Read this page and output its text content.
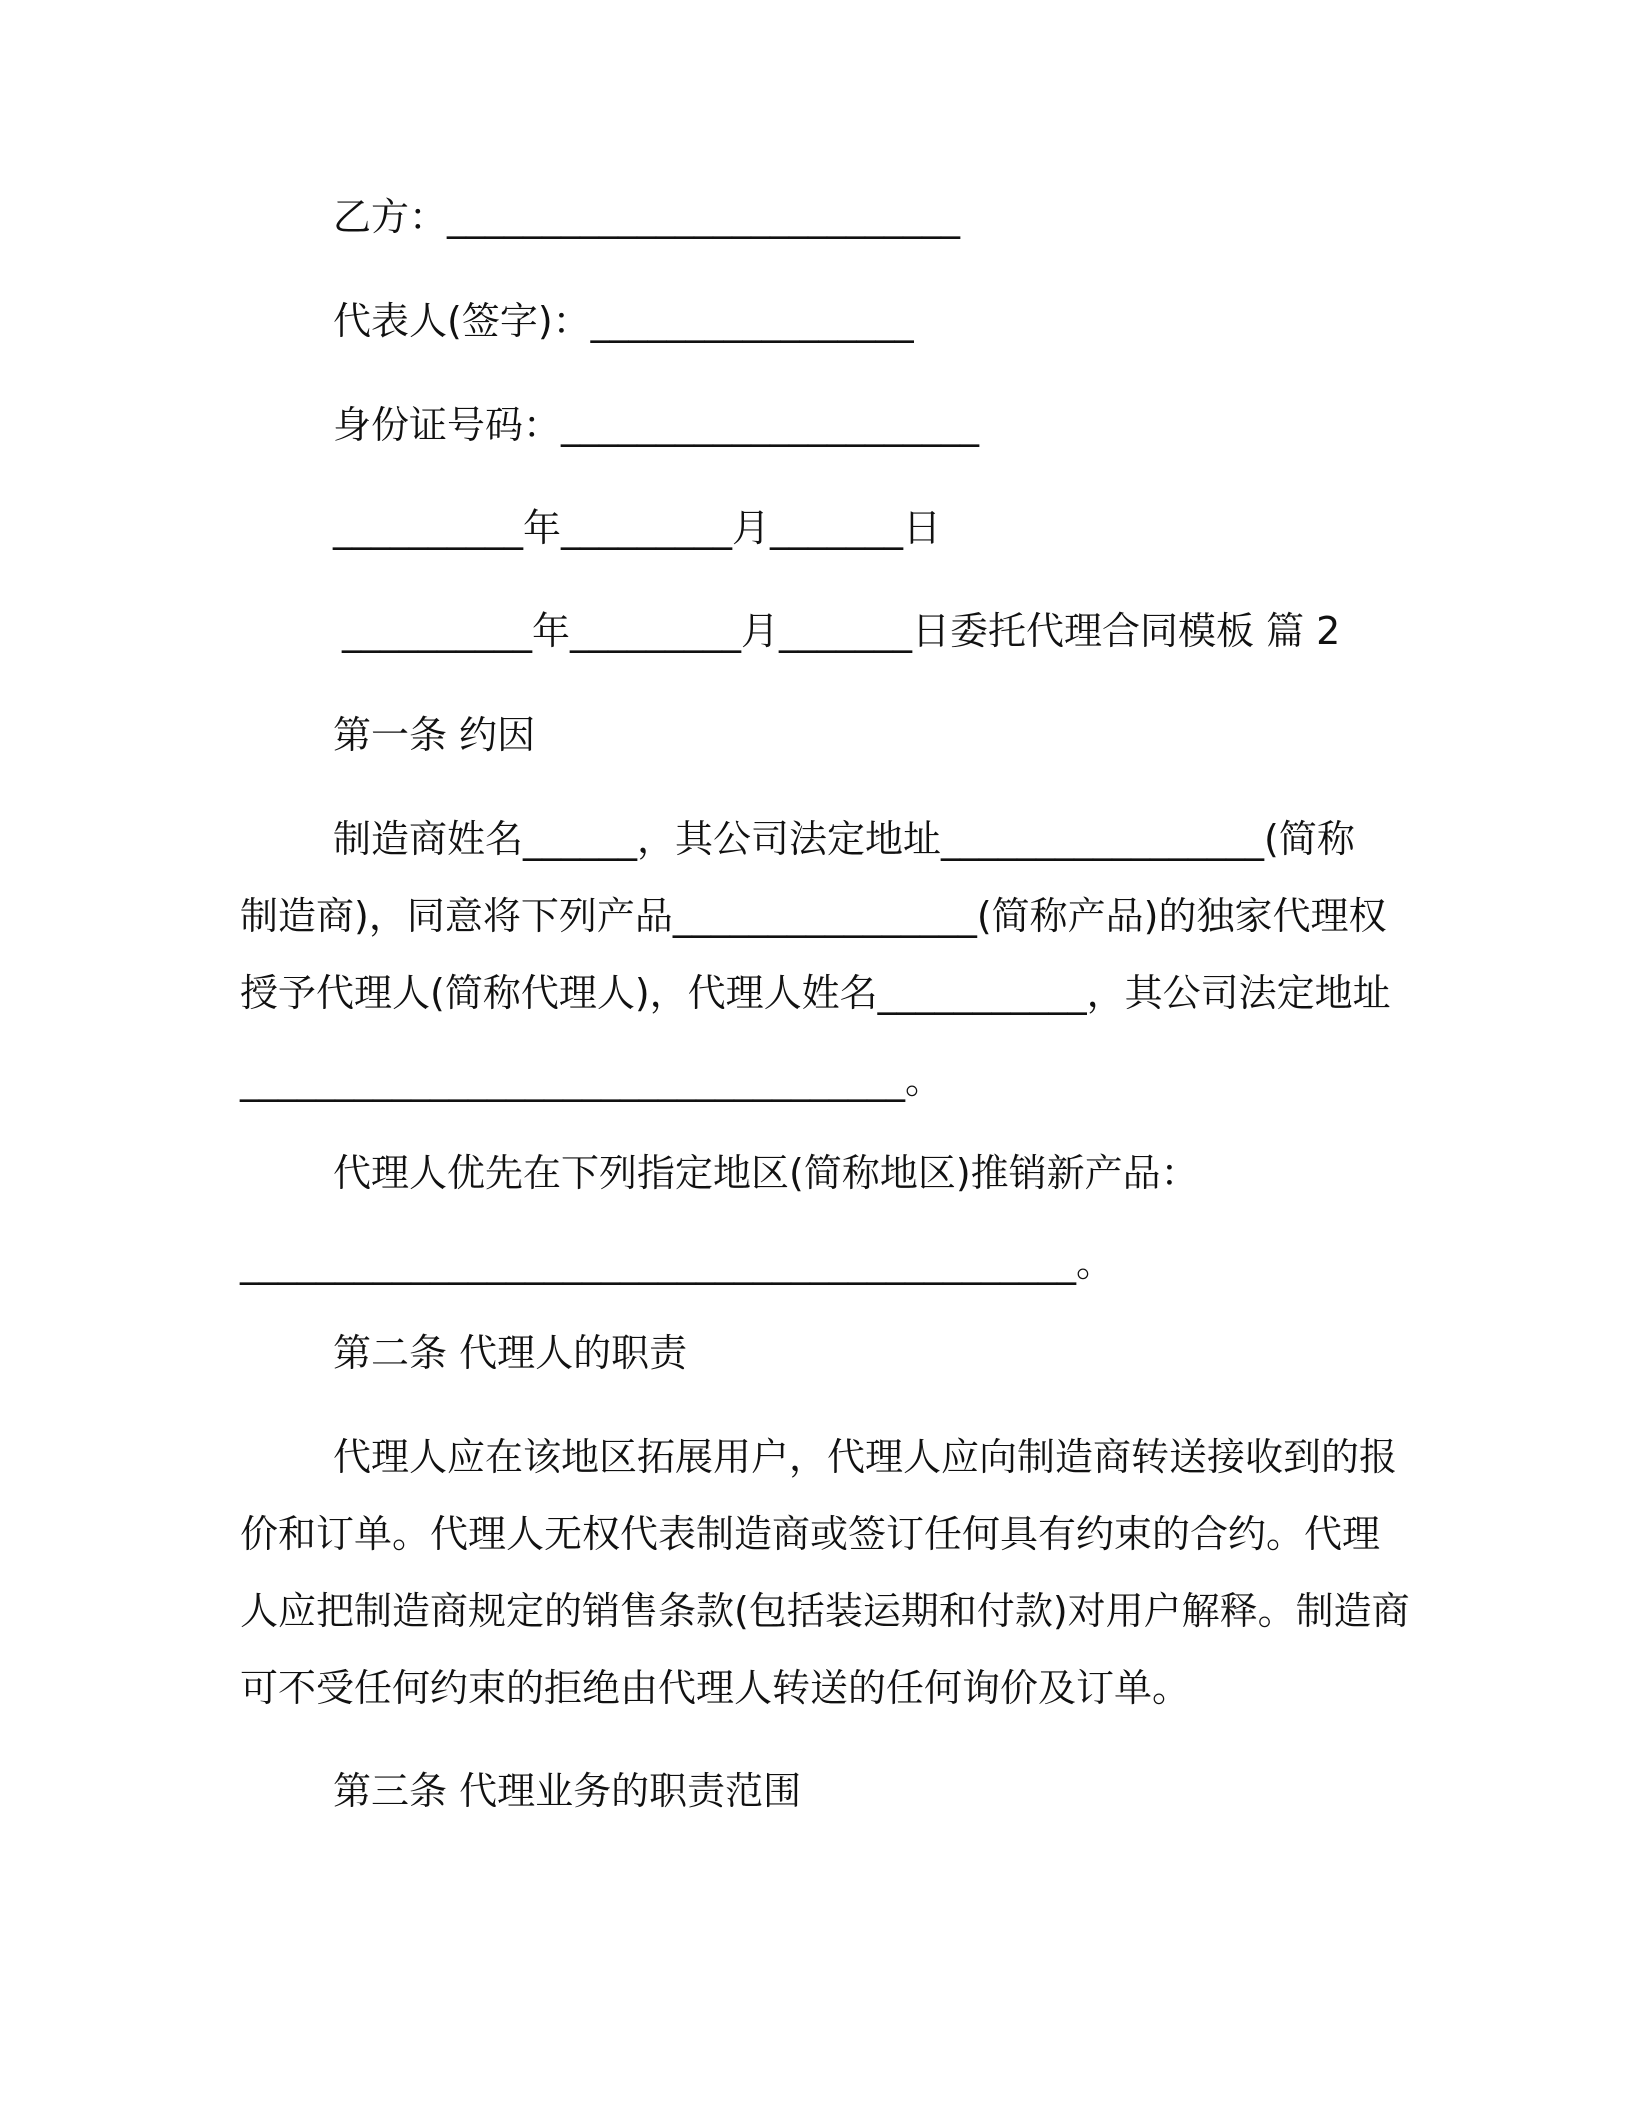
乙方：___________________________
代表人(签字)：_________________
身份证号码：______________________
__________年_________月_______日
__________年_________月_______日委托代理合同模板 篇 2
第一条 约因
制造商姓名______，其公司法定地址_________________(简称
制造商)，同意将下列产品________________(简称产品)的独家代理权
授予代理人(简称代理人)，代理人姓名___________，其公司法定地址
___________________________________。
代理人优先在下列指定地区(简称地区)推销新产品：
____________________________________________。
第二条 代理人的职责
代理人应在该地区拓展用户，代理人应向制造商转送接收到的报
价和订单。代理人无权代表制造商或签订任何具有约束的合约。代理
人应把制造商规定的销售条款(包括装运期和付款)对用户解释。制造商
可不受任何约束的拒绝由代理人转送的任何询价及订单。
第三条 代理业务的职责范围
